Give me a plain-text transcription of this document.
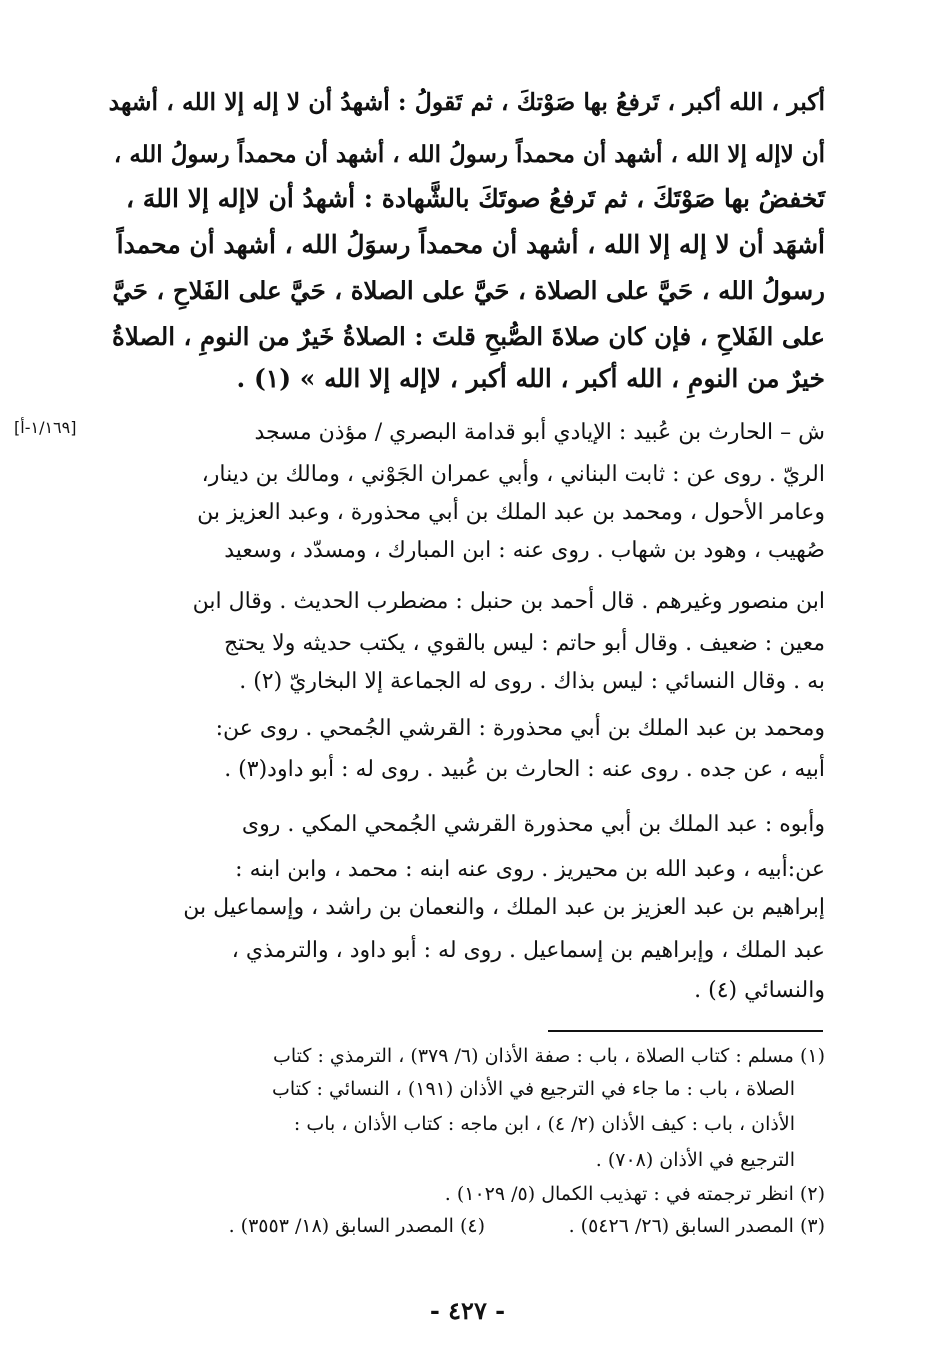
أكبر ، الله أكبر ، تَرفعُ بها صَوْتكَ ، ثم تَقولُ : أشهدُ أن لا إله إلا الله ، أشهد
أن لاإله إلا الله ، أشهد أن محمداً رسولُ الله ، أشهد أن محمداً رسولُ الله ،
تَخفضُ بها صَوْتَكَ ، ثم تَرفعُ صوتَكَ بالشَّهادة : أشهدُ أن لاإله إلا اللهَ ،
أشهَد أن لا إله إلا الله ، أشهد أن محمداً رسوَلُ الله ، أشهد أن محمداً
رسولُ الله ، حَيَّ على الصلاة ، حَيَّ على الصلاة ، حَيَّ على الفَلاحِ ، حَيَّ
على الفَلاحِ ، فإن كان صلاةَ الصُّبحِ قلتَ : الصلاةُ خَيرٌ من النومِ ، الصلاةُ
خيرٌ من النومِ ، الله أكبر ، الله أكبر ، لاإله إلا الله » (١) .
[١/١٦٩-أ]	ش – الحارث بن عُبيد : الإيادي أبو قدامة البصري / مؤذن مسجد
الريّ . روى عن : ثابت البناني ، وأبي عمران الجَوْني ، ومالك بن دينار،
وعامر الأحول ، ومحمد بن عبد الملك بن أبي محذورة ، وعبد العزيز بن
صُهيب ، وهود بن شهاب . روى عنه : ابن المبارك ، ومسدّد ، وسعيد
ابن منصور وغيرهم . قال أحمد بن حنبل : مضطرب الحديث . وقال ابن
معين : ضعيف . وقال أبو حاتم : ليس بالقوي ، يكتب حديثه ولا يحتج
به . وقال النسائي : ليس بذاك . روى له الجماعة إلا البخاريّ (٢) .
ومحمد بن عبد الملك بن أبي محذورة : القرشي الجُمحي . روى عن:
أبيه ، عن جده . روى عنه : الحارث بن عُبيد . روى له : أبو داود(٣) .
وأبوه : عبد الملك بن أبي محذورة القرشي الجُمحي المكي . روى
عن:أبيه ، وعبد الله بن محيريز . روى عنه ابنه : محمد ، وابن ابنه :
إبراهيم بن عبد العزيز بن عبد الملك ، والنعمان بن راشد ، وإسماعيل بن
عبد الملك ، وإبراهيم بن إسماعيل . روى له : أبو داود ، والترمذي ،
والنسائي (٤) .
(١) مسلم : كتاب الصلاة ، باب : صفة الأذان (٦/ ٣٧٩) ، الترمذي : كتاب
الصلاة ، باب : ما جاء في الترجيع في الأذان (١٩١) ، النسائي : كتاب
الأذان ، باب : كيف الأذان (٢/ ٤) ، ابن ماجه : كتاب الأذان ، باب :
الترجيع في الأذان (٧٠٨) .
(٢) انظر ترجمته في : تهذيب الكمال (٥/ ١٠٢٩) .
(٣) المصدر السابق (٢٦/ ٥٤٢٦) .
(٤) المصدر السابق (١٨/ ٣٥٥٣) .
- ٤٢٧ -
